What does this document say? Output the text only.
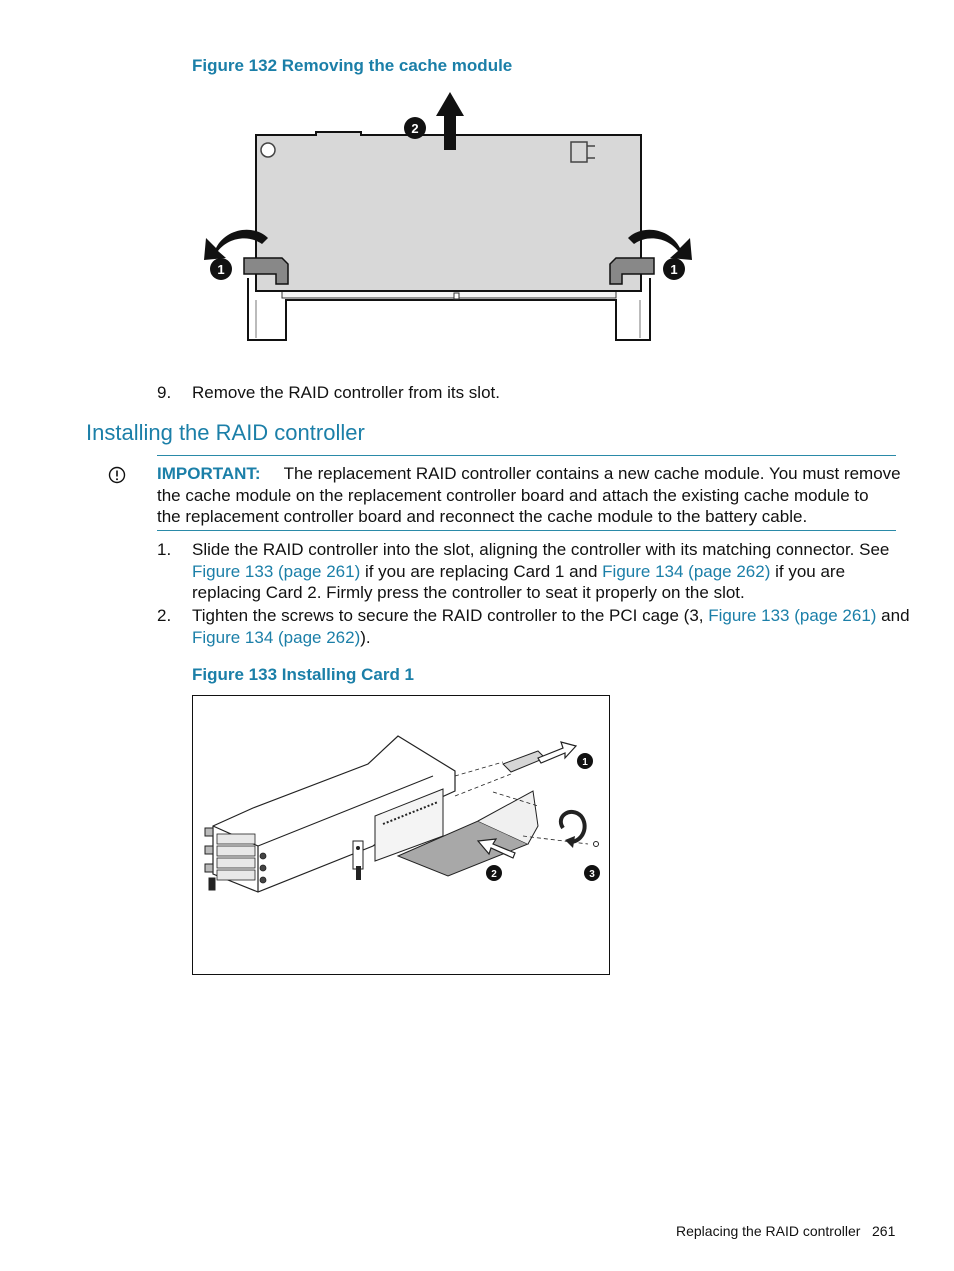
Figure 132 Removing the cache module
1
2
1
9. Remove the RAID controller from its slot.
Installing the RAID controller
IMPORTANT: The replacement RAID controller contains a new cache module. You must remove
the cache module on the replacement controller board and attach the existing cache module to
the replacement controller board and reconnect the cache module to the battery cable.
1. Slide the RAID controller into the slot, aligning the controller with its matching connector. See
Figure 133 (page 261) if you are replacing Card 1 and Figure 134 (page 262) if you are
replacing Card 2. Firmly press the controller to seat it properly on the slot.
2. Tighten the screws to secure the RAID controller to the PCI cage (3, Figure 133 (page 261) and
Figure 134 (page 262)).
Figure 133 Installing Card 1
1
2	3
Replacing the RAID controller 261
